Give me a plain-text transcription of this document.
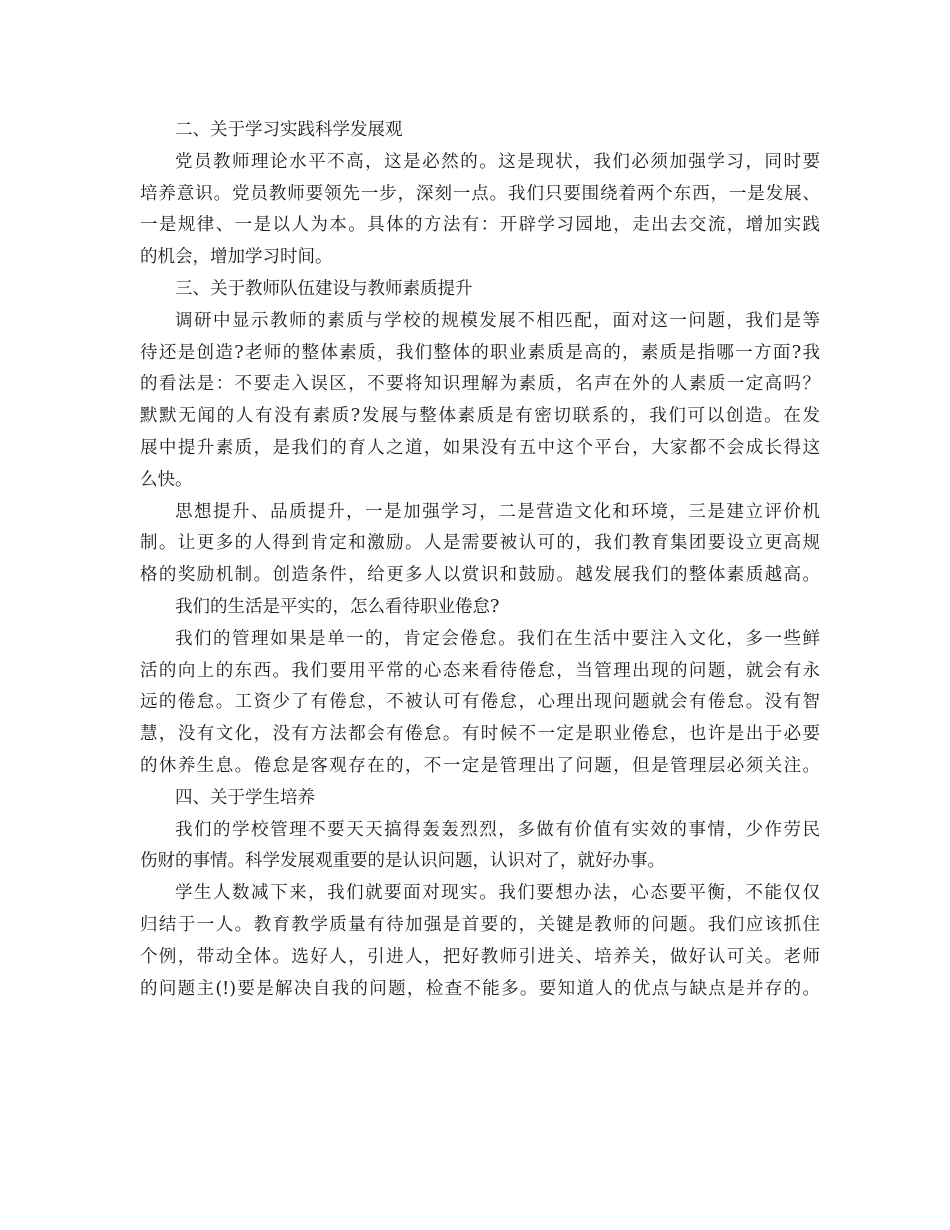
二、关于学习实践科学发展观
党员教师理论水平不高，这是必然的。这是现状，我们必须加强学习，同时要
培养意识。党员教师要领先一步，深刻一点。我们只要围绕着两个东西，一是发展、
一是规律、一是以人为本。具体的方法有：开辟学习园地，走出去交流，增加实践
的机会，增加学习时间。
三、关于教师队伍建设与教师素质提升
调研中显示教师的素质与学校的规模发展不相匹配，面对这一问题，我们是等
待还是创造?老师的整体素质，我们整体的职业素质是高的，素质是指哪一方面?我
的看法是：不要走入误区，不要将知识理解为素质，名声在外的人素质一定高吗？
默默无闻的人有没有素质?发展与整体素质是有密切联系的，我们可以创造。在发
展中提升素质，是我们的育人之道，如果没有五中这个平台，大家都不会成长得这
么快。
思想提升、品质提升，一是加强学习，二是营造文化和环境，三是建立评价机
制。让更多的人得到肯定和激励。人是需要被认可的，我们教育集团要设立更高规
格的奖励机制。创造条件，给更多人以赏识和鼓励。越发展我们的整体素质越高。
我们的生活是平实的，怎么看待职业倦怠?
我们的管理如果是单一的，肯定会倦怠。我们在生活中要注入文化，多一些鲜
活的向上的东西。我们要用平常的心态来看待倦怠，当管理出现的问题，就会有永
远的倦怠。工资少了有倦怠，不被认可有倦怠，心理出现问题就会有倦怠。没有智
慧，没有文化，没有方法都会有倦怠。有时候不一定是职业倦怠，也许是出于必要
的休养生息。倦怠是客观存在的，不一定是管理出了问题，但是管理层必须关注。
四、关于学生培养
我们的学校管理不要天天搞得轰轰烈烈，多做有价值有实效的事情，少作劳民
伤财的事情。科学发展观重要的是认识问题，认识对了，就好办事。
学生人数减下来，我们就要面对现实。我们要想办法，心态要平衡，不能仅仅
归结于一人。教育教学质量有待加强是首要的，关键是教师的问题。我们应该抓住
个例，带动全体。选好人，引进人，把好教师引进关、培养关，做好认可关。老师
的问题主(!)要是解决自我的问题，检查不能多。要知道人的优点与缺点是并存的。
